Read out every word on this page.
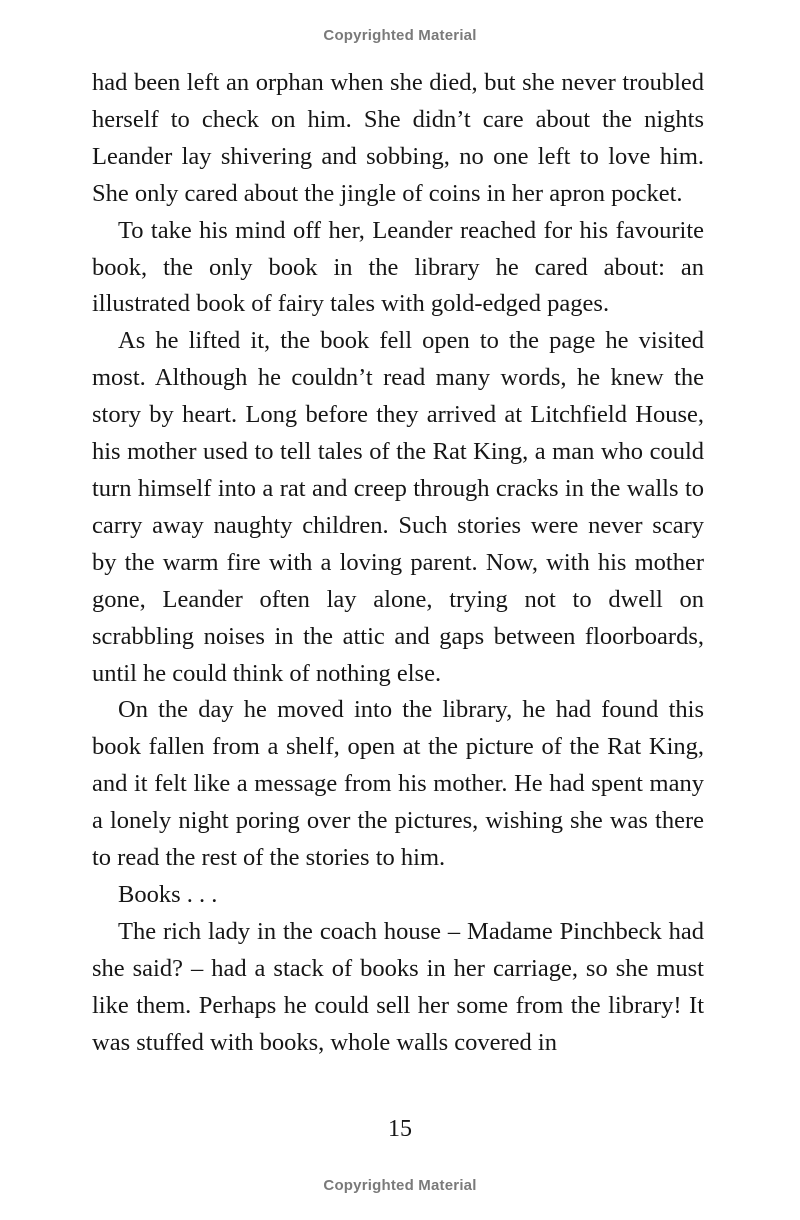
Copyrighted Material

had been left an orphan when she died, but she never troubled herself to check on him. She didn’t care about the nights Leander lay shivering and sobbing, no one left to love him. She only cared about the jingle of coins in her apron pocket.

To take his mind off her, Leander reached for his favourite book, the only book in the library he cared about: an illustrated book of fairy tales with gold-edged pages.

As he lifted it, the book fell open to the page he visited most. Although he couldn’t read many words, he knew the story by heart. Long before they arrived at Litchfield House, his mother used to tell tales of the Rat King, a man who could turn himself into a rat and creep through cracks in the walls to carry away naughty children. Such stories were never scary by the warm fire with a loving parent. Now, with his mother gone, Leander often lay alone, trying not to dwell on scrabbling noises in the attic and gaps between floorboards, until he could think of nothing else.

On the day he moved into the library, he had found this book fallen from a shelf, open at the picture of the Rat King, and it felt like a message from his mother. He had spent many a lonely night poring over the pictures, wishing she was there to read the rest of the stories to him.

Books . . .

The rich lady in the coach house – Madame Pinchbeck had she said? – had a stack of books in her carriage, so she must like them. Perhaps he could sell her some from the library! It was stuffed with books, whole walls covered in

15
Copyrighted Material
